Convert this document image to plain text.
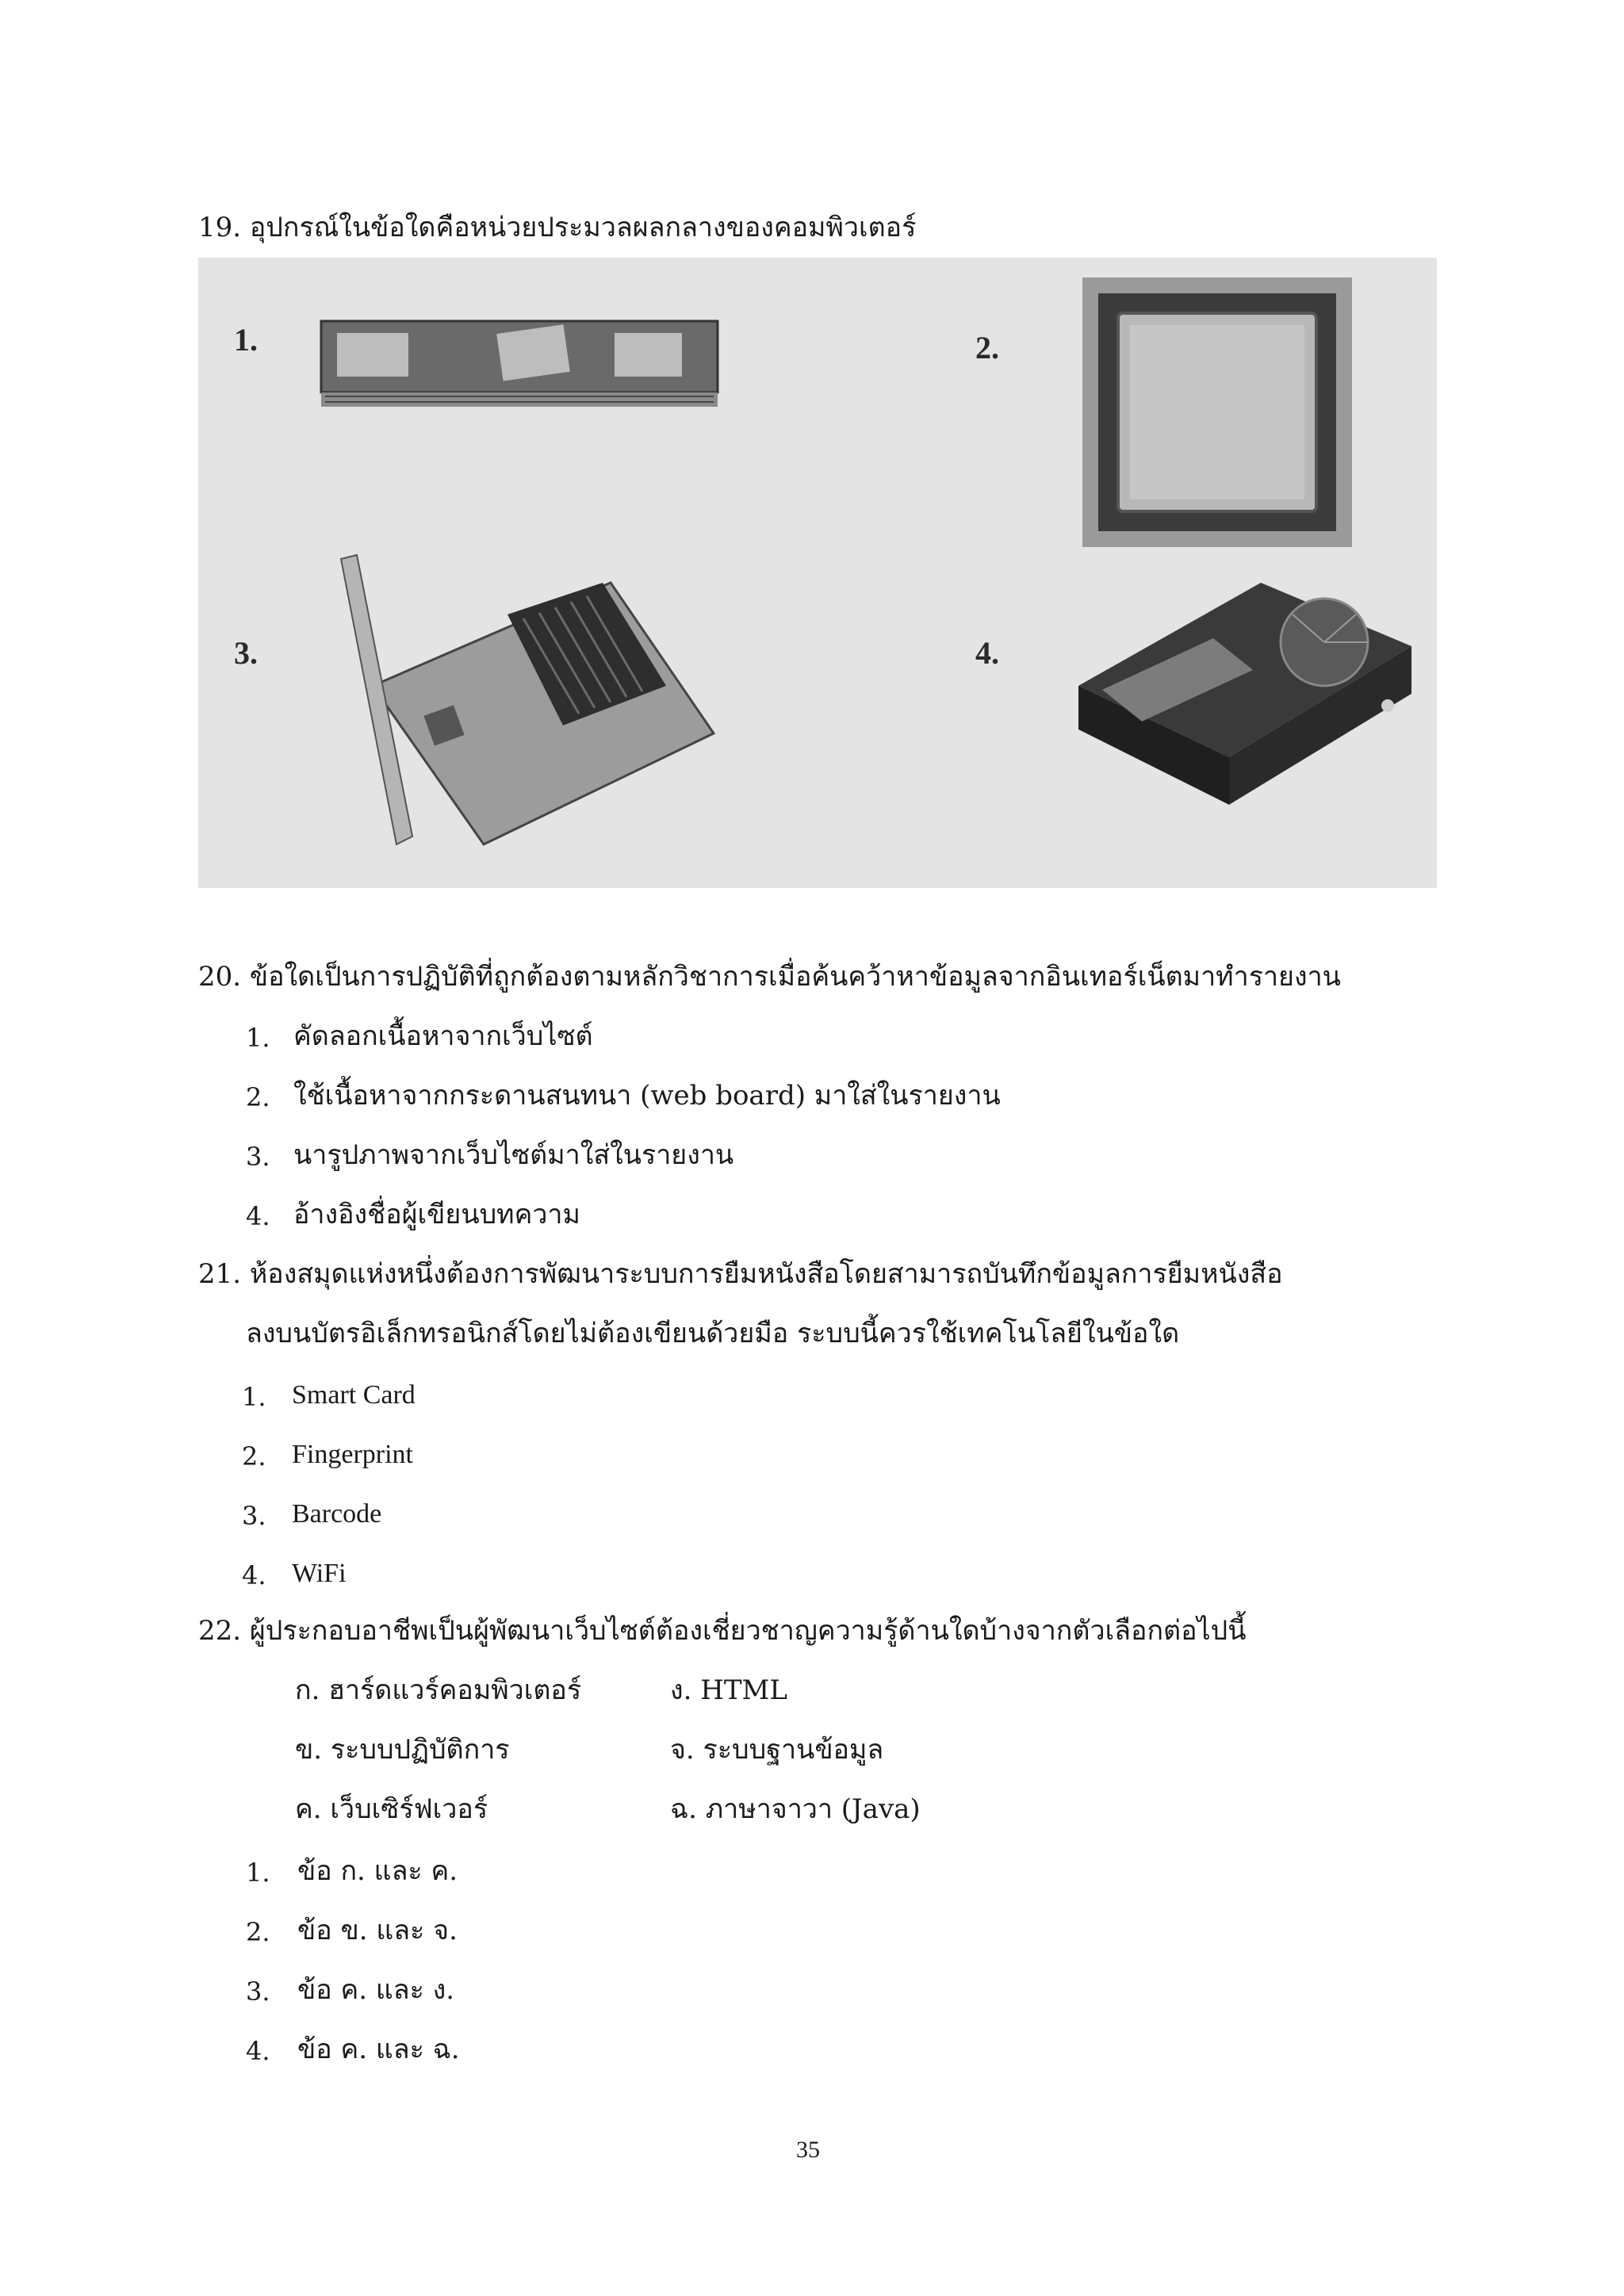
19. อุปกรณ์ในข้อใดคือหน่วยประมวลผลกลางของคอมพิวเตอร์
1.	2.
3.	4.
20. ข้อใดเป็นการปฏิบัติที่ถูกต้องตามหลักวิชาการเมื่อค้นคว้าหาข้อมูลจากอินเทอร์เน็ตมาทำรายงาน
1. คัดลอกเนื้อหาจากเว็บไซต์
2. ใช้เนื้อหาจากกระดานสนทนา (web board) มาใส่ในรายงาน
3. นารูปภาพจากเว็บไซต์มาใส่ในรายงาน
4. อ้างอิงชื่อผู้เขียนบทความ
21. ห้องสมุดแห่งหนึ่งต้องการพัฒนาระบบการยืมหนังสือโดยสามารถบันทึกข้อมูลการยืมหนังสือ
ลงบนบัตรอิเล็กทรอนิกส์โดยไม่ต้องเขียนด้วยมือ ระบบนี้ควรใช้เทคโนโลยีในข้อใด
1. Smart Card
2. Fingerprint
3. Barcode
4. WiFi
22. ผู้ประกอบอาชีพเป็นผู้พัฒนาเว็บไซต์ต้องเชี่ยวชาญความรู้ด้านใดบ้างจากตัวเลือกต่อไปนี้
ก. ฮาร์ดแวร์คอมพิวเตอร์
ข. ระบบปฏิบัติการ
ค. เว็บเซิร์ฟเวอร์
ง. HTML
จ. ระบบฐานข้อมูล
ฉ. ภาษาจาวา (Java)
1. ข้อ ก. และ ค.
2. ข้อ ข. และ จ.
3. ข้อ ค. และ ง.
4. ข้อ ค. และ ฉ.
35
